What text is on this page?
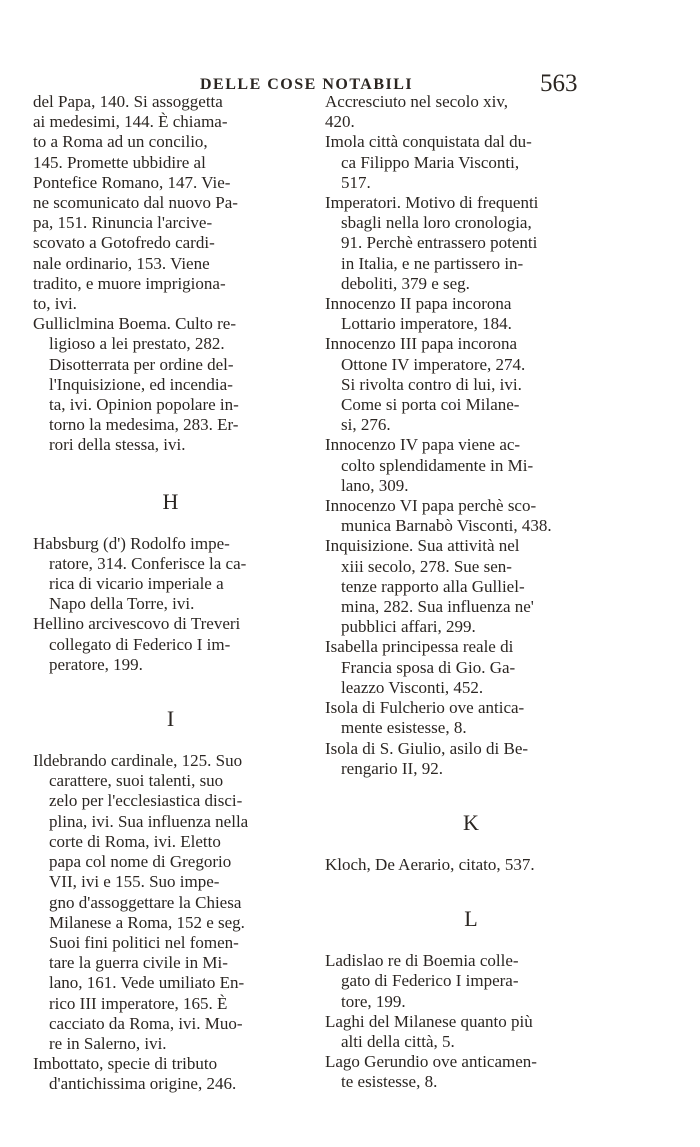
DELLE COSE NOTABILI	563
del Papa, 140. Si assoggetta
ai medesimi, 144. È chiama-
to a Roma ad un concilio,
145. Promette ubbidire al
Pontefice Romano, 147. Vie-
ne scomunicato dal nuovo Pa-
pa, 151. Rinuncia l'arcive-
scovato a Gotofredo cardi-
nale ordinario, 153. Viene
tradito, e muore imprigiona-
to, ivi.
Gulliclmina Boema. Culto re-
ligioso a lei prestato, 282.
Disotterrata per ordine del-
l'Inquisizione, ed incendia-
ta, ivi. Opinion popolare in-
torno la medesima, 283. Er-
rori della stessa, ivi.
H
Habsburg (d') Rodolfo impe-
ratore, 314. Conferisce la ca-
rica di vicario imperiale a
Napo della Torre, ivi.
Hellino arcivescovo di Treveri
collegato di Federico I im-
peratore, 199.
I
Ildebrando cardinale, 125. Suo
carattere, suoi talenti, suo
zelo per l'ecclesiastica disci-
plina, ivi. Sua influenza nella
corte di Roma, ivi. Eletto
papa col nome di Gregorio
VII, ivi e 155. Suo impe-
gno d'assoggettare la Chiesa
Milanese a Roma, 152 e seg.
Suoi fini politici nel fomen-
tare la guerra civile in Mi-
lano, 161. Vede umiliato En-
rico III imperatore, 165. È
cacciato da Roma, ivi. Muo-
re in Salerno, ivi.
Imbottato, specie di tributo
d'antichissima origine, 246.
Accresciuto nel secolo xiv,
420.
Imola città conquistata dal du-
ca Filippo Maria Visconti,
517.
Imperatori. Motivo di frequenti
sbagli nella loro cronologia,
91. Perchè entrassero potenti
in Italia, e ne partissero in-
deboliti, 379 e seg.
Innocenzo II papa incorona
Lottario imperatore, 184.
Innocenzo III papa incorona
Ottone IV imperatore, 274.
Si rivolta contro di lui, ivi.
Come si porta coi Milane-
si, 276.
Innocenzo IV papa viene ac-
colto splendidamente in Mi-
lano, 309.
Innocenzo VI papa perchè sco-
munica Barnabò Visconti, 438.
Inquisizione. Sua attività nel
xiii secolo, 278. Sue sen-
tenze rapporto alla Gulliel-
mina, 282. Sua influenza ne'
pubblici affari, 299.
Isabella principessa reale di
Francia sposa di Gio. Ga-
leazzo Visconti, 452.
Isola di Fulcherio ove antica-
mente esistesse, 8.
Isola di S. Giulio, asilo di Be-
rengario II, 92.
K
Kloch, De Aerario, citato, 537.
L
Ladislao re di Boemia colle-
gato di Federico I impera-
tore, 199.
Laghi del Milanese quanto più
alti della città, 5.
Lago Gerundio ove anticamen-
te esistesse, 8.
